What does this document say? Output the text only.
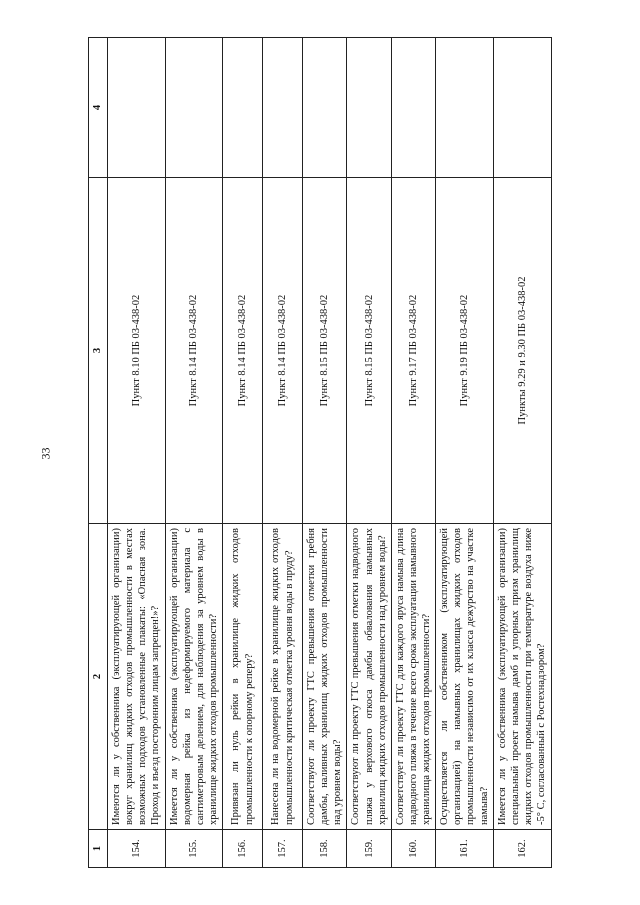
33
1	2	3	4
154.	Имеются ли у собственника (эксплуатирующей организации) вокруг хранилищ жидких отходов промышленности в местах возможных подходов установленные плакаты: «Опасная зона. Проход и въезд посторонним лицам запрещен!»?	Пункт 8.10 ПБ 03-438-02	
155.	Имеется ли у собственника (эксплуатирующей организации) водомерная рейка из недеформируемого материала с сантиметровым делением, для наблюдения за уровнем воды в хранилище жидких отходов промышленности?	Пункт 8.14 ПБ 03-438-02	
156.	Привязан ли нуль рейки в хранилище жидких отходов промышленности к опорному реперу?	Пункт 8.14 ПБ 03-438-02	
157.	Нанесена ли на водомерной рейке в хранилище жидких отходов промышленности критическая отметка уровня воды в пруду?	Пункт 8.14 ПБ 03-438-02	
158.	Соответствуют ли проекту ГТС превышения отметки гребня дамбы, наливных хранилищ жидких отходов промышленности над уровнем воды?	Пункт 8.15 ПБ 03-438-02	
159.	Соответствуют ли проекту ГТС превышения отметки надводного пляжа у верхового откоса дамбы обвалования намывных хранилищ жидких отходов промышленности над уровнем воды?	Пункт 8.15 ПБ 03-438-02	
160.	Соответствует ли проекту ГТС для каждого яруса намыва длина надводного пляжа в течение всего срока эксплуатации намывного хранилища жидких отходов промышленности?	Пункт 9.17 ПБ 03-438-02	
161.	Осуществляется ли собственником (эксплуатирующей организацией) на намывных хранилищах жидких отходов промышленности независимо от их класса дежурство на участке намыва?	Пункт 9.19 ПБ 03-438-02	
162.	Имеется ли у собственника (эксплуатирующей организации) специальный проект намыва дамб и упорных призм хранилищ жидких отходов промышленности при температуре воздуха ниже -5° С, согласованный с Ростехнадзором?	Пункты 9.29 и 9.30 ПБ 03-438-02	
